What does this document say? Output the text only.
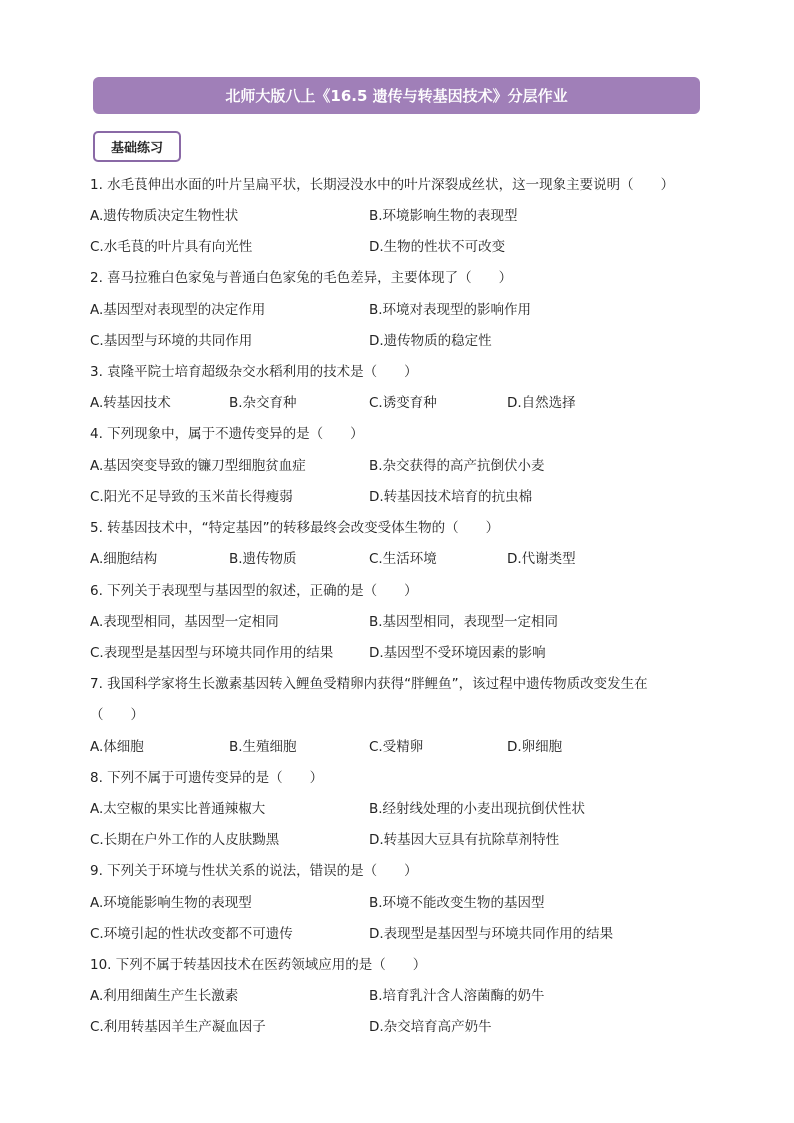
北师大版八上《16.5 遗传与转基因技术》分层作业
基础练习
1. 水毛茛伸出水面的叶片呈扁平状，长期浸没水中的叶片深裂成丝状，这一现象主要说明（　　）
A.遗传物质决定生物性状	B.环境影响生物的表现型
C.水毛茛的叶片具有向光性	D.生物的性状不可改变
2. 喜马拉雅白色家兔与普通白色家兔的毛色差异，主要体现了（　　）
A.基因型对表现型的决定作用	B.环境对表现型的影响作用
C.基因型与环境的共同作用	D.遗传物质的稳定性
3. 袁隆平院士培育超级杂交水稻利用的技术是（　　）
A.转基因技术	B.杂交育种	C.诱变育种	D.自然选择
4. 下列现象中，属于不遗传变异的是（　　）
A.基因突变导致的镰刀型细胞贫血症	B.杂交获得的高产抗倒伏小麦
C.阳光不足导致的玉米苗长得瘦弱	D.转基因技术培育的抗虫棉
5. 转基因技术中，“特定基因”的转移最终会改变受体生物的（　　）
A.细胞结构	B.遗传物质	C.生活环境	D.代谢类型
6. 下列关于表现型与基因型的叙述，正确的是（　　）
A.表现型相同，基因型一定相同	B.基因型相同，表现型一定相同
C.表现型是基因型与环境共同作用的结果	D.基因型不受环境因素的影响
7. 我国科学家将生长激素基因转入鲤鱼受精卵内获得“胖鲤鱼”，该过程中遗传物质改变发生在
（　　）
A.体细胞	B.生殖细胞	C.受精卵	D.卵细胞
8. 下列不属于可遗传变异的是（　　）
A.太空椒的果实比普通辣椒大	B.经射线处理的小麦出现抗倒伏性状
C.长期在户外工作的人皮肤黝黑	D.转基因大豆具有抗除草剂特性
9. 下列关于环境与性状关系的说法，错误的是（　　）
A.环境能影响生物的表现型	B.环境不能改变生物的基因型
C.环境引起的性状改变都不可遗传	D.表现型是基因型与环境共同作用的结果
10. 下列不属于转基因技术在医药领域应用的是（　　）
A.利用细菌生产生长激素	B.培育乳汁含人溶菌酶的奶牛
C.利用转基因羊生产凝血因子	D.杂交培育高产奶牛
